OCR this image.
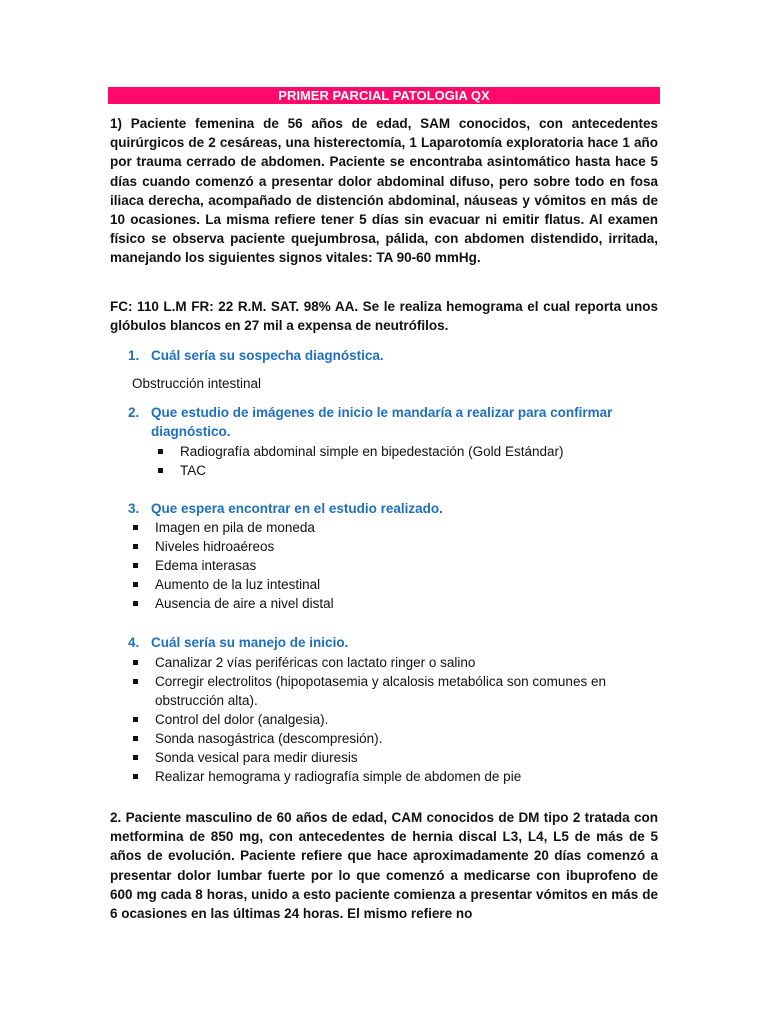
PRIMER PARCIAL PATOLOGIA QX

1) Paciente femenina de 56 años de edad, SAM conocidos, con antecedentes quirúrgicos de 2 cesáreas, una histerectomía, 1 Laparotomía exploratoria hace 1 año por trauma cerrado de abdomen. Paciente se encontraba asintomático hasta hace 5 días cuando comenzó a presentar dolor abdominal difuso, pero sobre todo en fosa iliaca derecha, acompañado de distención abdominal, náuseas y vómitos en más de 10 ocasiones. La misma refiere tener 5 días sin evacuar ni emitir flatus. Al examen físico se observa paciente quejumbrosa, pálida, con abdomen distendido, irritada, manejando los siguientes signos vitales: TA 90-60 mmHg.

FC: 110 L.M FR: 22 R.M. SAT. 98% AA. Se le realiza hemograma el cual reporta unos glóbulos blancos en 27 mil a expensa de neutrófilos.

1. Cuál sería su sospecha diagnóstica.
Obstrucción intestinal
2. Que estudio de imágenes de inicio le mandaría a realizar para confirmar
diagnóstico.
Radiografía abdominal simple en bipedestación (Gold Estándar)
TAC
3. Que espera encontrar en el estudio realizado.
Imagen en pila de moneda
Niveles hidroaéreos
Edema interasas
Aumento de la luz intestinal
Ausencia de aire a nivel distal
4. Cuál sería su manejo de inicio.
Canalizar 2 vías periféricas con lactato ringer o salino
Corregir electrolitos (hipopotasemia y alcalosis metabólica son comunes en obstrucción alta).
Control del dolor (analgesia).
Sonda nasogástrica (descompresión).
Sonda vesical para medir diuresis
Realizar hemograma y radiografía simple de abdomen de pie

2. Paciente masculino de 60 años de edad, CAM conocidos de DM tipo 2 tratada con metformina de 850 mg, con antecedentes de hernia discal L3, L4, L5 de más de 5 años de evolución. Paciente refiere que hace aproximadamente 20 días comenzó a presentar dolor lumbar fuerte por lo que comenzó a medicarse con ibuprofeno de 600 mg cada 8 horas, unido a esto paciente comienza a presentar vómitos en más de 6 ocasiones en las últimas 24 horas. El mismo refiere no
